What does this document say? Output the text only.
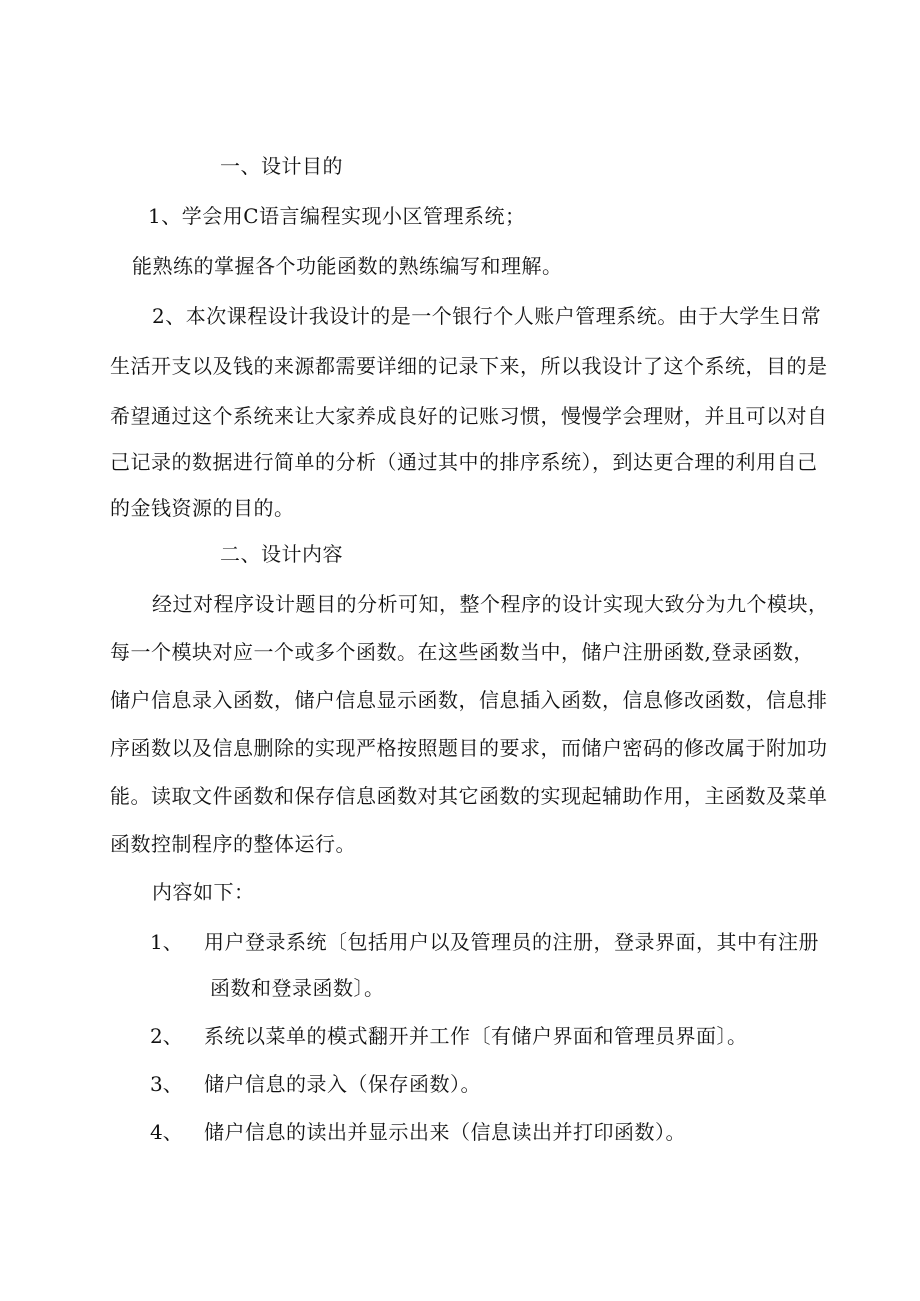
一、设计目的
1、学会用C语言编程实现小区管理系统；
能熟练的掌握各个功能函数的熟练编写和理解。
2、本次课程设计我设计的是一个银行个人账户管理系统。由于大学生日常
生活开支以及钱的来源都需要详细的记录下来，所以我设计了这个系统，目的是
希望通过这个系统来让大家养成良好的记账习惯，慢慢学会理财，并且可以对自
己记录的数据进行简单的分析（通过其中的排序系统），到达更合理的利用自己
的金钱资源的目的。
二、设计内容
经过对程序设计题目的分析可知，整个程序的设计实现大致分为九个模块，
每一个模块对应一个或多个函数。在这些函数当中，储户注册函数,登录函数，
储户信息录入函数，储户信息显示函数，信息插入函数，信息修改函数，信息排
序函数以及信息删除的实现严格按照题目的要求，而储户密码的修改属于附加功
能。读取文件函数和保存信息函数对其它函数的实现起辅助作用，主函数及菜单
函数控制程序的整体运行。
内容如下：
1、 用户登录系统〔包括用户以及管理员的注册，登录界面，其中有注册
函数和登录函数〕。
2、 系统以菜单的模式翻开并工作〔有储户界面和管理员界面〕。
3、 储户信息的录入（保存函数）。
4、 储户信息的读出并显示出来（信息读出并打印函数）。
